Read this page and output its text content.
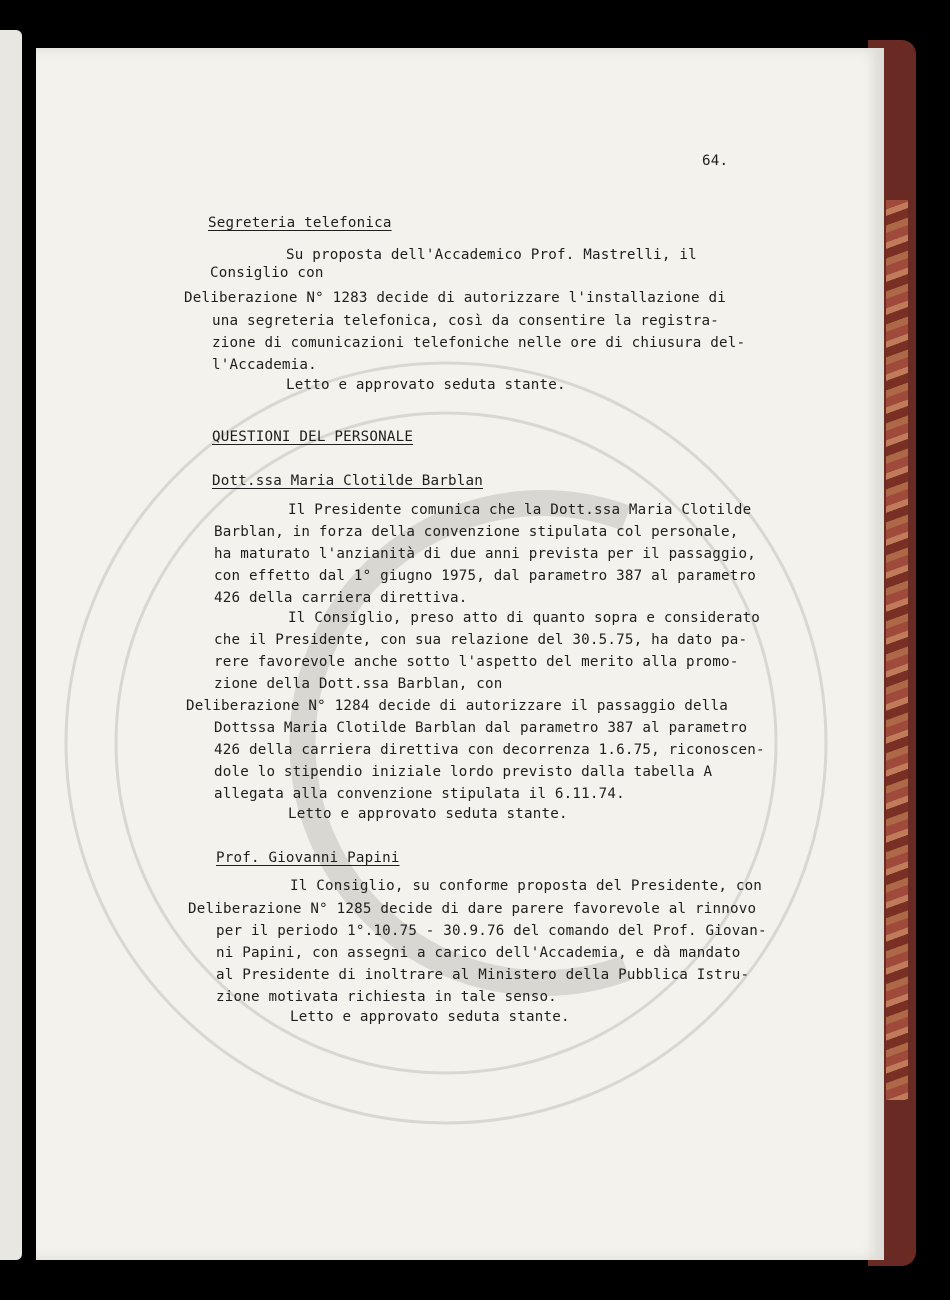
64.

Segreteria telefonica

Su proposta dell'Accademico Prof. Mastrelli, il

Consiglio con

Deliberazione N° 1283 decide di autorizzare l'installazione di

una segreteria telefonica, così da consentire la registra-

zione di comunicazioni telefoniche nelle ore di chiusura del-

l'Accademia.

Letto e approvato seduta stante.

QUESTIONI DEL PERSONALE

Dott.ssa Maria Clotilde Barblan

Il Presidente comunica che la Dott.ssa Maria Clotilde

Barblan, in forza della convenzione stipulata col personale,

ha maturato l'anzianità di due anni prevista per il passaggio,

con effetto dal 1° giugno 1975, dal parametro 387 al parametro

426 della carriera direttiva.

Il Consiglio, preso atto di quanto sopra e considerato

che il Presidente, con sua relazione del 30.5.75, ha dato pa-

rere favorevole anche sotto l'aspetto del merito alla promo-

zione della Dott.ssa Barblan, con

Deliberazione N° 1284 decide di autorizzare il passaggio della

Dottssa Maria Clotilde Barblan dal parametro 387 al parametro

426 della carriera direttiva con decorrenza 1.6.75, riconoscen-

dole lo stipendio iniziale lordo previsto dalla tabella A

allegata alla convenzione stipulata il 6.11.74.

Letto e approvato seduta stante.

Prof. Giovanni Papini

Il Consiglio, su conforme proposta del Presidente, con

Deliberazione N° 1285 decide di dare parere favorevole al rinnovo

per il periodo 1°.10.75 - 30.9.76 del comando del Prof. Giovan-

ni Papini, con assegni a carico dell'Accademia, e dà mandato

al Presidente di inoltrare al Ministero della Pubblica Istru-

zione motivata richiesta in tale senso.

Letto e approvato seduta stante.
